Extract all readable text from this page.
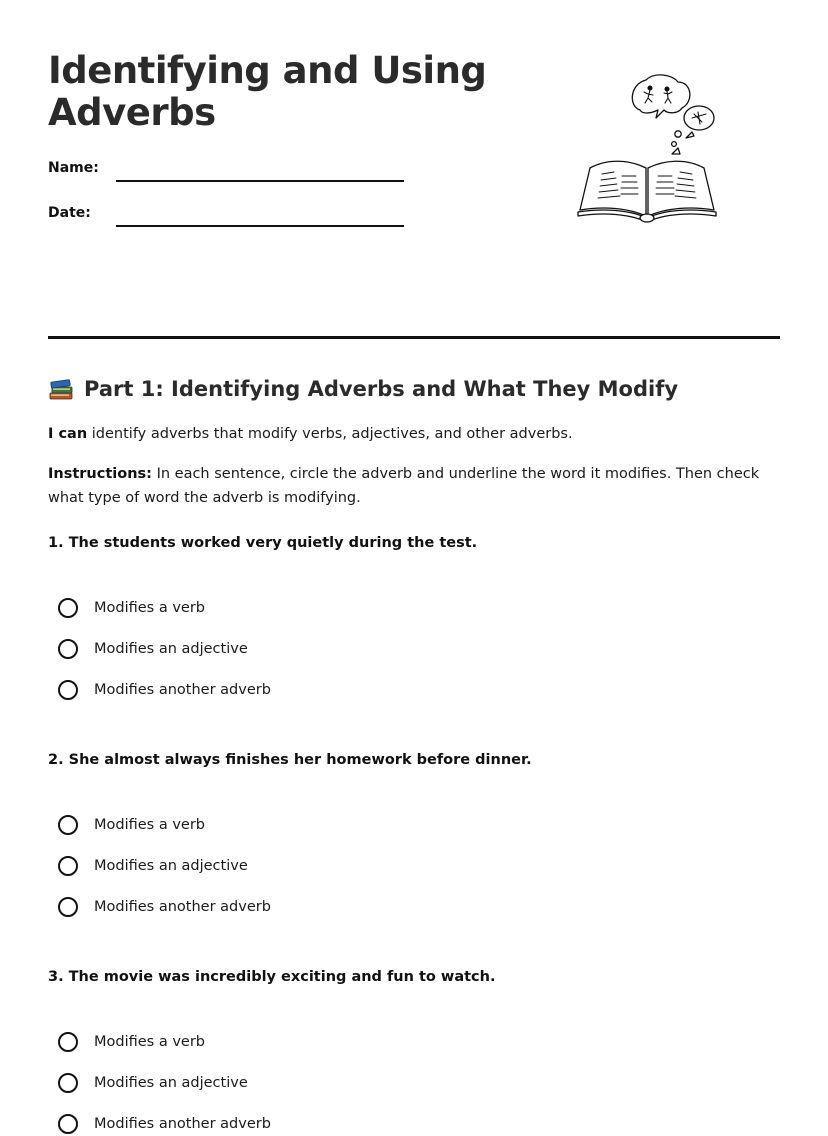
Identifying and Using Adverbs
Name:
Date:
Part 1: Identifying Adverbs and What They Modify

I can identify adverbs that modify verbs, adjectives, and other adverbs.

Instructions: In each sentence, circle the adverb and underline the word it modifies. Then check what type of word the adverb is modifying.

1. The students worked very quietly during the test.

Modifies a verb
Modifies an adjective
Modifies another adverb

2. She almost always finishes her homework before dinner.

Modifies a verb
Modifies an adjective
Modifies another adverb

3. The movie was incredibly exciting and fun to watch.

Modifies a verb
Modifies an adjective
Modifies another adverb
